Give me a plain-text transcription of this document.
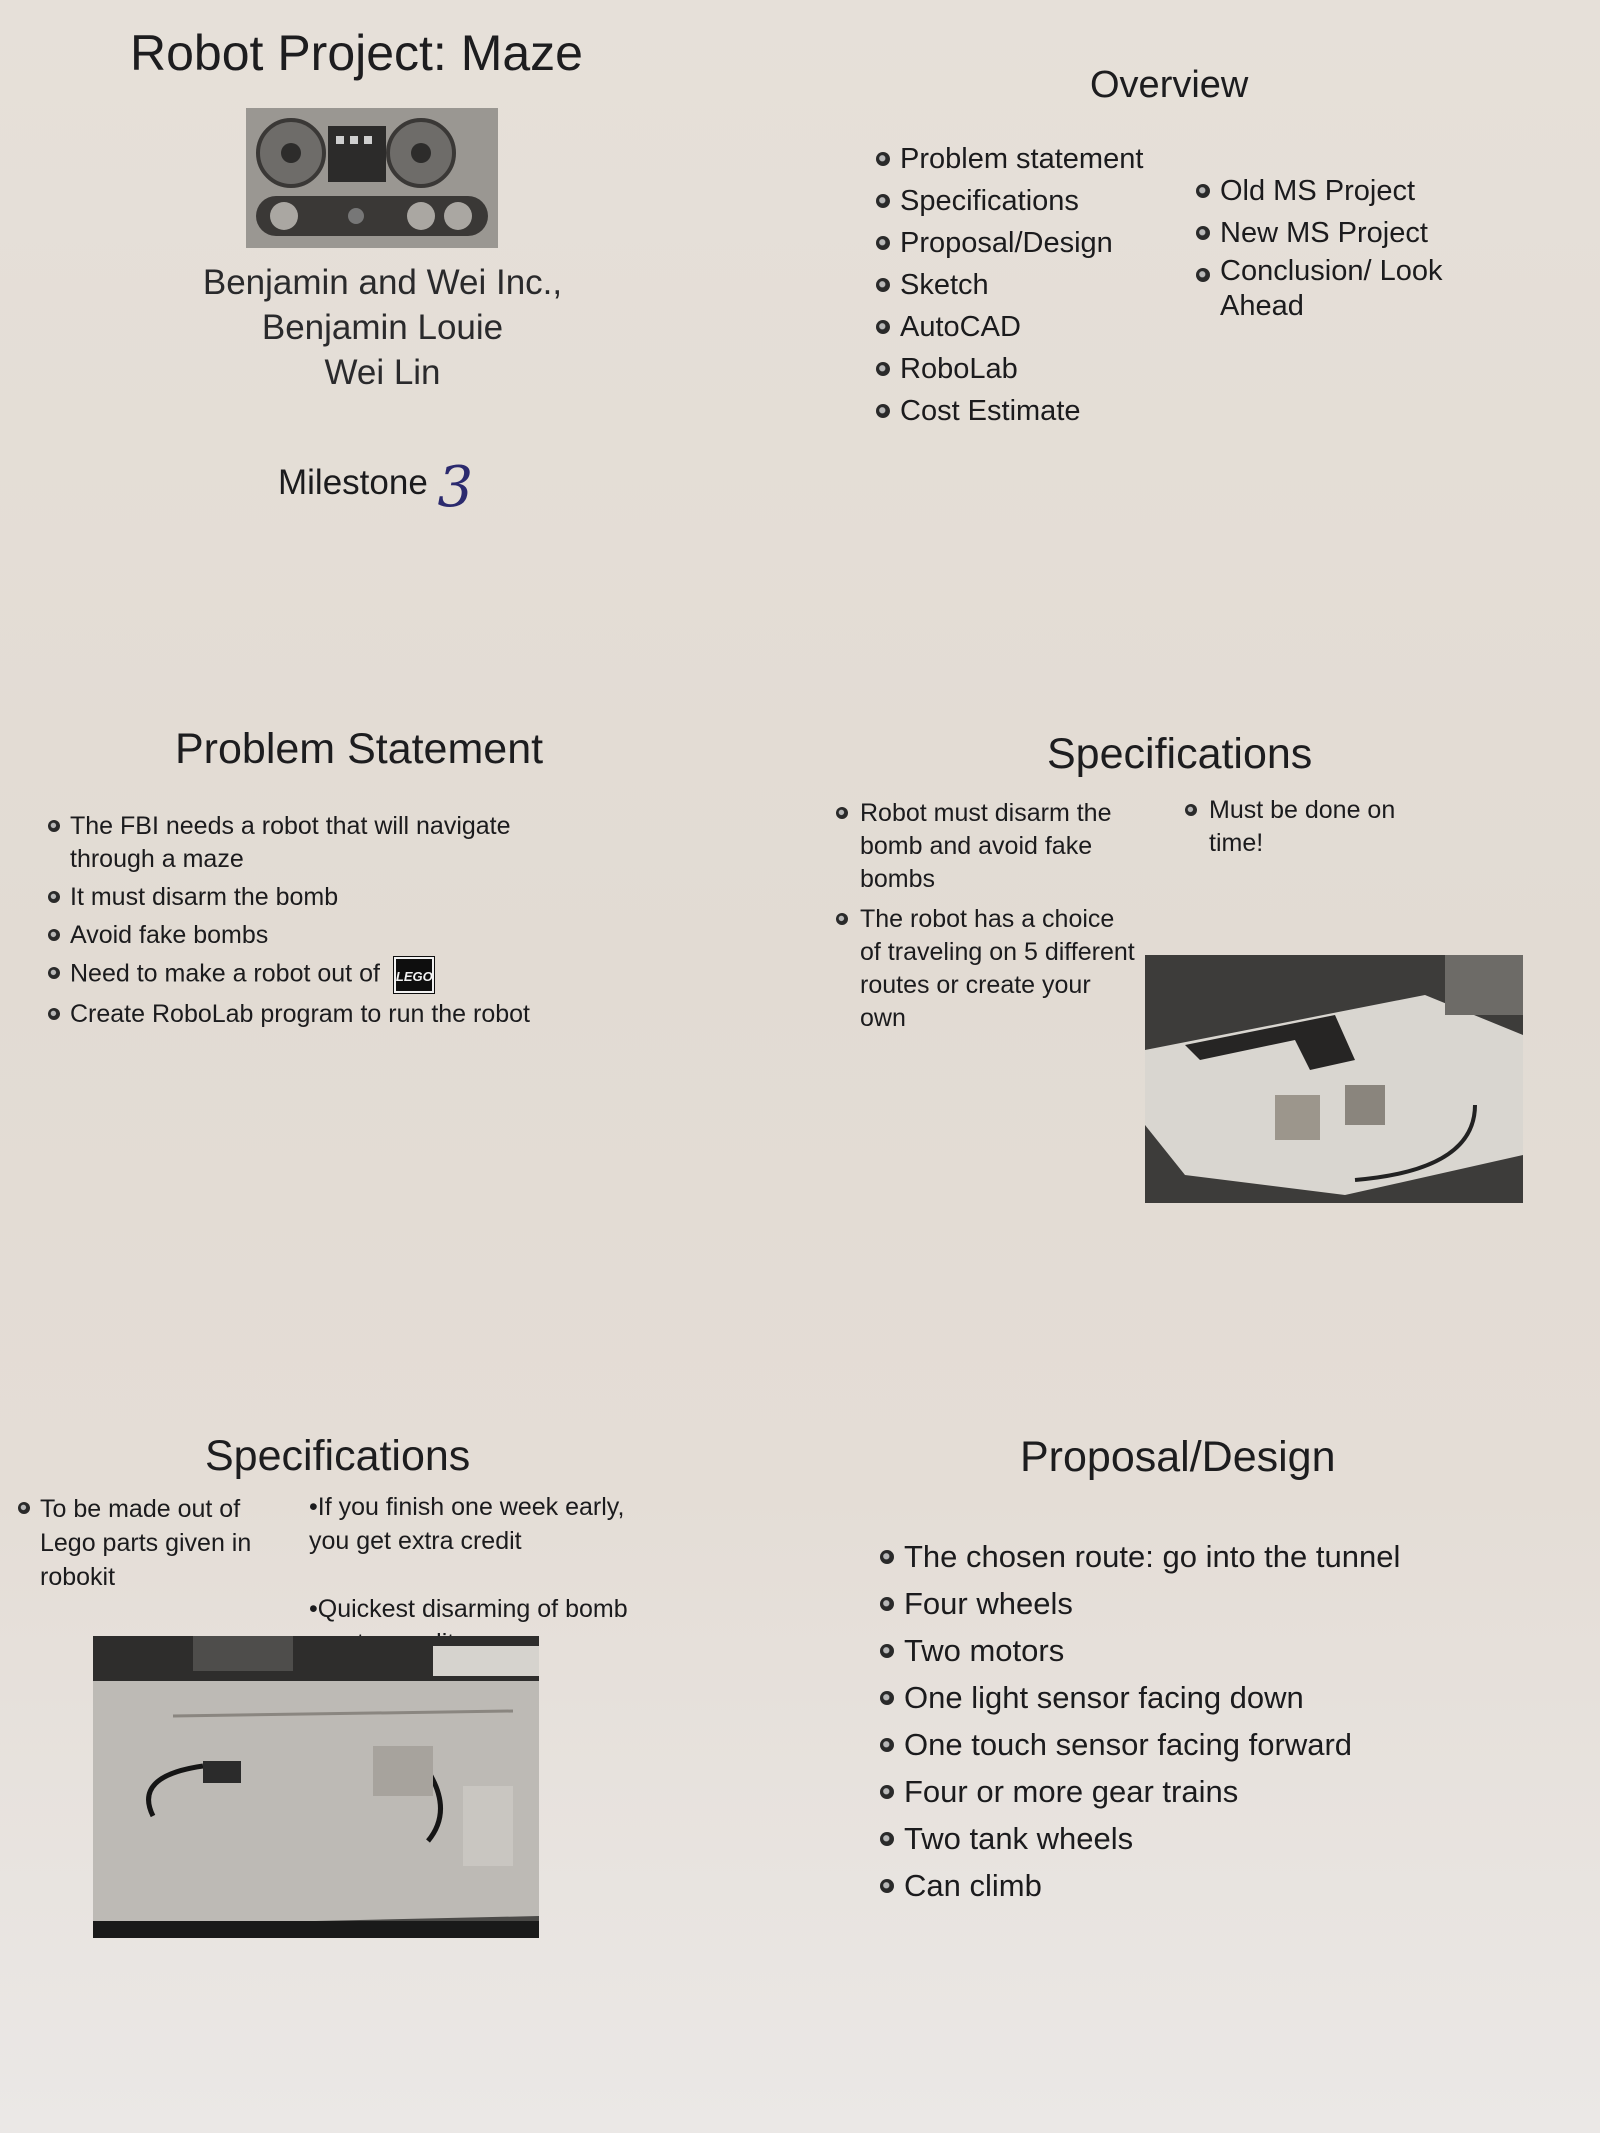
Robot Project: Maze
Benjamin and Wei Inc.,
Benjamin Louie
Wei Lin
Milestone 3
Overview
Problem statement
Specifications
Proposal/Design
Sketch
AutoCAD
RoboLab
Cost Estimate
Old MS Project
New MS Project
Conclusion/ Look Ahead
Problem Statement
The FBI needs a robot that will navigate through a maze
It must disarm the bomb
Avoid fake bombs
Need to make a robot out of LEGO
Create RoboLab program to run the robot
Specifications
Robot must disarm the bomb and avoid fake bombs
The robot has a choice of traveling on 5 different routes or create your own
Must be done on time!
Specifications
To be made out of Lego parts given in robokit
•If you finish one week early, you get extra credit
•Quickest disarming of bomb
Proposal/Design
The chosen route: go into the tunnel
Four wheels
Two motors
One light sensor facing down
One touch sensor facing forward
Four or more gear trains
Two tank wheels
Can climb
